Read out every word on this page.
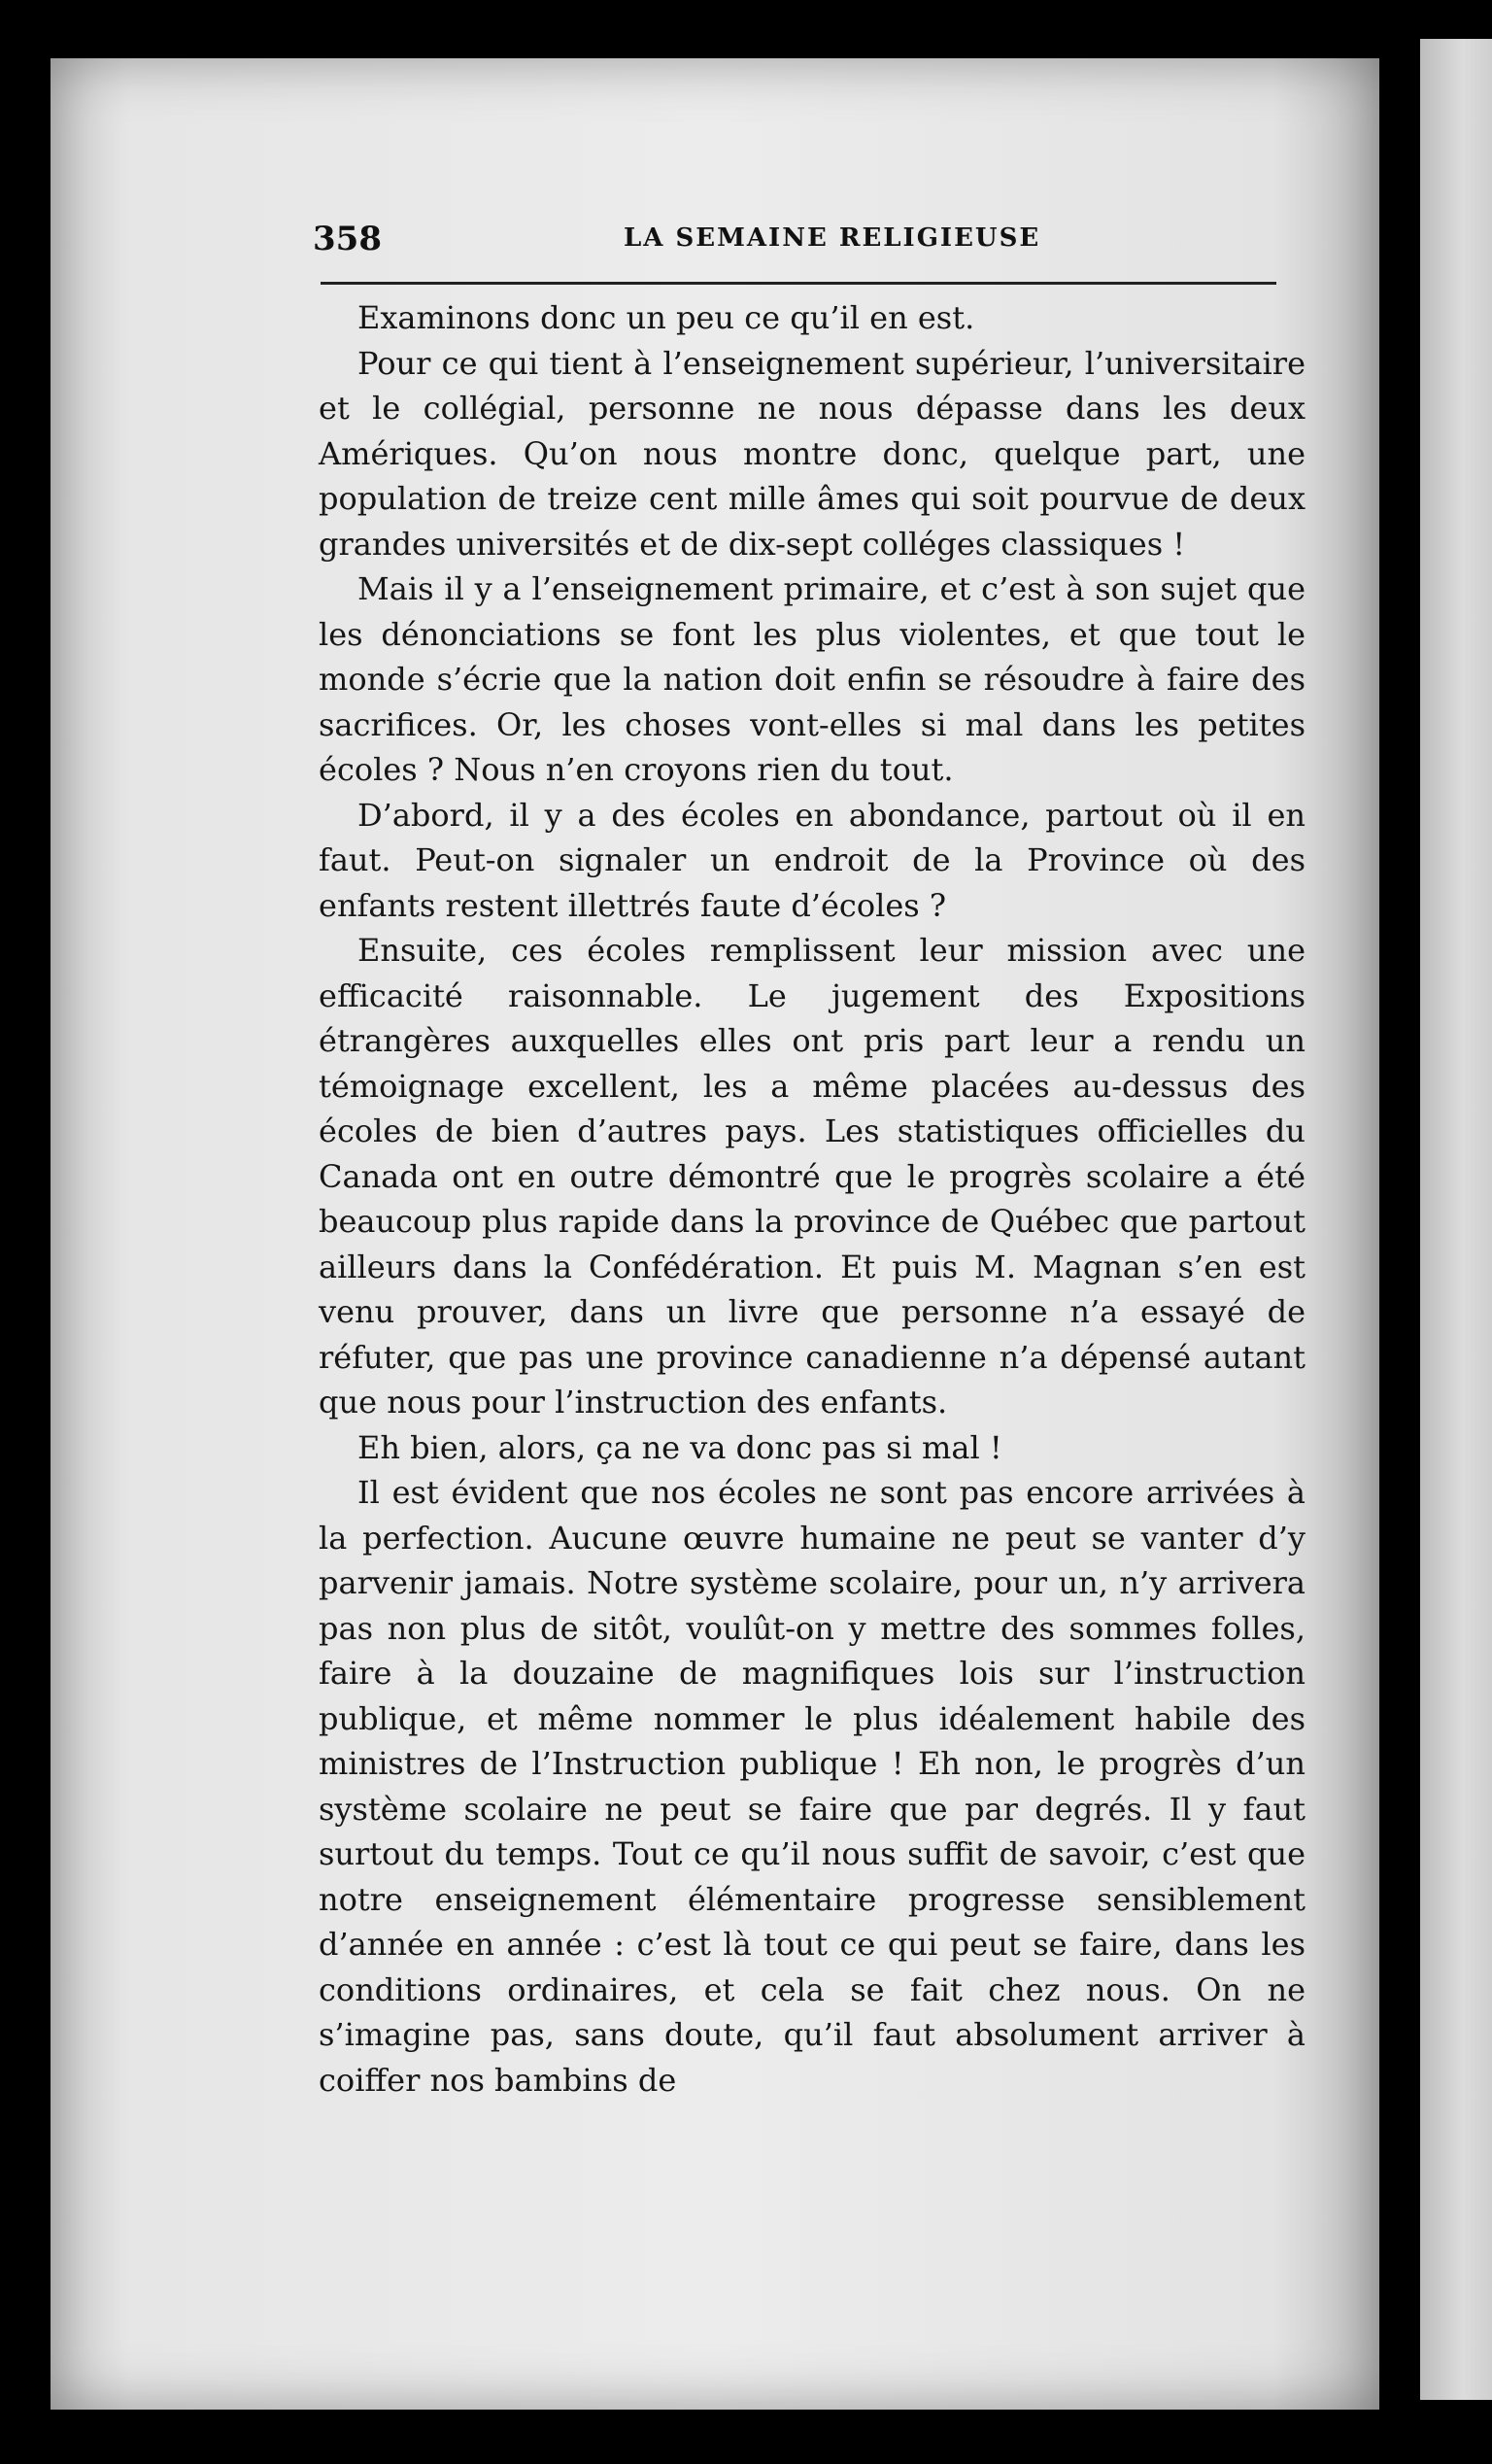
358	LA SEMAINE RELIGIEUSE

Examinons donc un peu ce qu’il en est.

Pour ce qui tient à l’enseignement supérieur, l’universitaire et le collégial, personne ne nous dépasse dans les deux Amériques. Qu’on nous montre donc, quelque part, une population de treize cent mille âmes qui soit pourvue de deux grandes universités et de dix-sept colléges classiques !

Mais il y a l’enseignement primaire, et c’est à son sujet que les dénonciations se font les plus violentes, et que tout le monde s’écrie que la nation doit enfin se résoudre à faire des sacrifices. Or, les choses vont-elles si mal dans les petites écoles ? Nous n’en croyons rien du tout.

D’abord, il y a des écoles en abondance, partout où il en faut. Peut-on signaler un endroit de la Province où des enfants restent illettrés faute d’écoles ?

Ensuite, ces écoles remplissent leur mission avec une efficacité raisonnable. Le jugement des Expositions étrangères auxquelles elles ont pris part leur a rendu un témoignage excellent, les a même placées au-dessus des écoles de bien d’autres pays. Les statistiques officielles du Canada ont en outre démontré que le progrès scolaire a été beaucoup plus rapide dans la province de Québec que partout ailleurs dans la Confédération. Et puis M. Magnan s’en est venu prouver, dans un livre que personne n’a essayé de réfuter, que pas une province canadienne n’a dépensé autant que nous pour l’instruction des enfants.

Eh bien, alors, ça ne va donc pas si mal !

Il est évident que nos écoles ne sont pas encore arrivées à la perfection. Aucune œuvre humaine ne peut se vanter d’y parvenir jamais. Notre système scolaire, pour un, n’y arrivera pas non plus de sitôt, voulût-on y mettre des sommes folles, faire à la douzaine de magnifiques lois sur l’instruction publique, et même nommer le plus idéalement habile des ministres de l’Instruction publique ! Eh non, le progrès d’un système scolaire ne peut se faire que par degrés. Il y faut surtout du temps. Tout ce qu’il nous suffit de savoir, c’est que notre enseignement élémentaire progresse sensiblement d’année en année : c’est là tout ce qui peut se faire, dans les conditions ordinaires, et cela se fait chez nous. On ne s’imagine pas, sans doute, qu’il faut absolument arriver à coiffer nos bambins de
